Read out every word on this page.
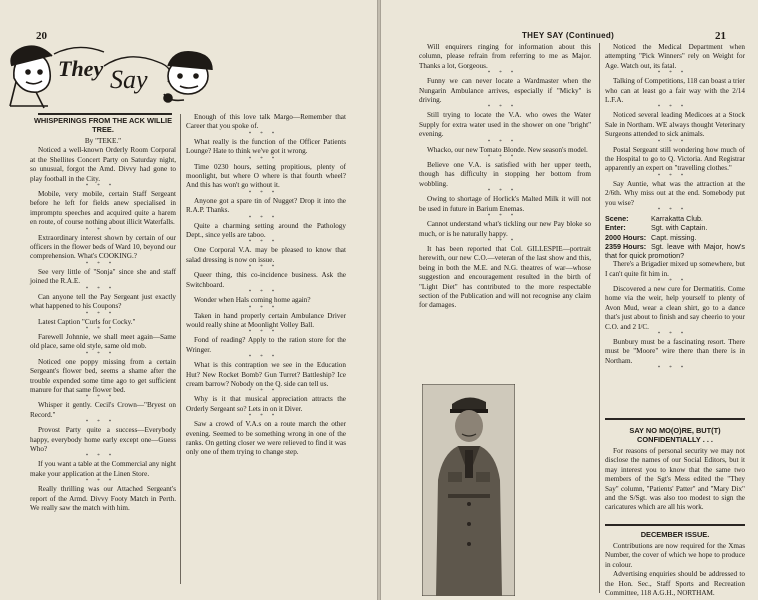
20
They Say
WHISPERINGS FROM THE ACK WILLIE TREE.

By "TEKE."

Noticed a well-known Orderly Room Corporal at the Shellites Concert Party on Saturday night, so unusual, forgot the Amd. Divvy had gone to play football in the City.

***

Mobile, very mobile, certain Staff Sergeant before he left for fields anew specialised in impromptu speeches and acquired quite a harem en route, of course nothing about illicit Waterfalls.

***

Extraordinary interest shown by certain of our officers in the flower beds of Ward 10, beyond our comprehension. What's COOKING.?

***

See very little of "Sonja" since she and staff joined the R.A.E.

***

Can anyone tell the Pay Sergeant just exactly what happened to his Coupons?

***

Latest Caption "Curls for Cocky."

***

Farewell Johnnie, we shall meet again—Same old place, same old style, same old mob.

***

Noticed one poppy missing from a certain Sergeant's flower bed, seems a shame after the trouble expended some time ago to get sufficient manure for that same flower bed.

***

Whisper it gently. Cecil's Crown—"Bryest on Record."

***

Provost Party quite a success—Everybody happy, everybody home early except one—Guess Who?

***

If you want a table at the Commercial any night make your application at the Linen Store.

***

Really thrilling was our Attached Sergeant's report of the Armd. Divvy Footy Match in Perth. We really saw the match with him.

Enough of this love talk Margo—Remember that Career that you spoke of.

***

What really is the function of the Officer Patients Lounge? Hate to think we've got it wrong.

***

Time 0230 hours, setting propitious, plenty of moonlight, but where O where is that fourth wheel? And this has won't go without it.

***

Anyone got a spare tin of Nugget? Drop it into the R.A.P. Thanks.

***

Quite a charming setting around the Pathology Dept., since yells are taboo.

***

One Corporal V.A. may be pleased to know that salad dressing is now on issue.

***

Queer thing, this co-incidence business. Ask the Switchboard.

***

Wonder when Hals coming home again?

***

Taken in hand properly certain Ambulance Driver would really shine at Moonlight Volley Ball.

***

Fond of reading? Apply to the ration store for the Wringer.

***

What is this contraption we see in the Education Hut? New Rocket Bomb? Gun Turret? Battleship? Ice cream barrow? Nobody on the Q. side can tell us.

***

Why is it that musical appreciation attracts the Orderly Sergeant so? Lets in on it Diver.

***

Saw a crowd of V.A.s on a route march the other evening. Seemed to be something wrong in one of the ranks. On getting closer we were relieved to find it was only one of them trying to change step.

THEY SAY (Continued)	21

Will enquirers ringing for information about this column, please refrain from referring to me as Major. Thanks a lot, Gorgeous.

***

Funny we can never locate a Wardmaster when the Nungarin Ambulance arrives, especially if "Micky" is driving.

***

Still trying to locate the V.A. who owes the Water Supply for extra water used in the shower on one "bright" evening.

***

Whacko, our new Tomato Blonde. New season's model.

***

Believe one V.A. is satisfied with her upper teeth, though has difficulty in stopping her bottom from wobbling.

***

Owing to shortage of Horlick's Malted Milk it will not be used in future in Barium Enemas.

***

Cannot understand what's tickling our new Pay bloke so much, or is he naturally happy.

***

It has been reported that Col. GILLESPIE—portrait herewith, our new C.O.—veteran of the last show and this, being in both the M.E. and N.G. theatres of war—whose suggestion and encouragement resulted in the birth of "Light Diet" has contributed to the more respectable section of the Publication and will not recognise any claim for damages.

Noticed the Medical Department when attempting "Pick Winners" rely on Weight for Age. Watch out, its fatal.

***

Talking of Competitions, 118 can boast a trier who can at least go a fair way with the 2/14 L.F.A.

***

Noticed several leading Medicoes at a Stock Sale in Northam. WE always thought Veterinary Surgeons attended to sick animals.

***

Postal Sergeant still wondering how much of the Hospital to go to Q. Victoria. And Registrar apparently an expert on "travelling clothes."

***

Say Auntie, what was the attraction at the 2/6th. Why miss out at the end. Somebody put you wise?

***
Scene:	Karrakatta Club.
Enter:	Sgt. with Captain.
2000 Hours: Capt. missing.
2359 Hours: Sgt. leave with Major, how's that for quick promotion?

There's a Brigadier mixed up somewhere, but I can't quite fit him in.

***

Discovered a new cure for Dermatitis. Come home via the weir, help yourself to plenty of Avon Mud, wear a clean shirt, go to a dance that's just about to finish and say cheerio to your C.O. and 2 I/C.

***

Bunbury must be a fascinating resort. There must be "Moore" wire there than there is in Northam.

***
SAY NO MO(O)RE, BUT(T) CONFIDENTIALLY . . .

For reasons of personal security we may not disclose the names of our Social Editors, but it may interest you to know that the same two members of the Sgt's Mess edited the "They Say" column, "Patients' Patter" and "Mary Dix" and the S/Sgt. was also too modest to sign the caricatures which are all his work.

DECEMBER ISSUE.

Contributions are now required for the Xmas Number, the cover of which we hope to produce in colour.

Advertising enquiries should be addressed to the Hon. Sec., Staff Sports and Recreation Committee, 118 A.G.H., NORTHAM.
